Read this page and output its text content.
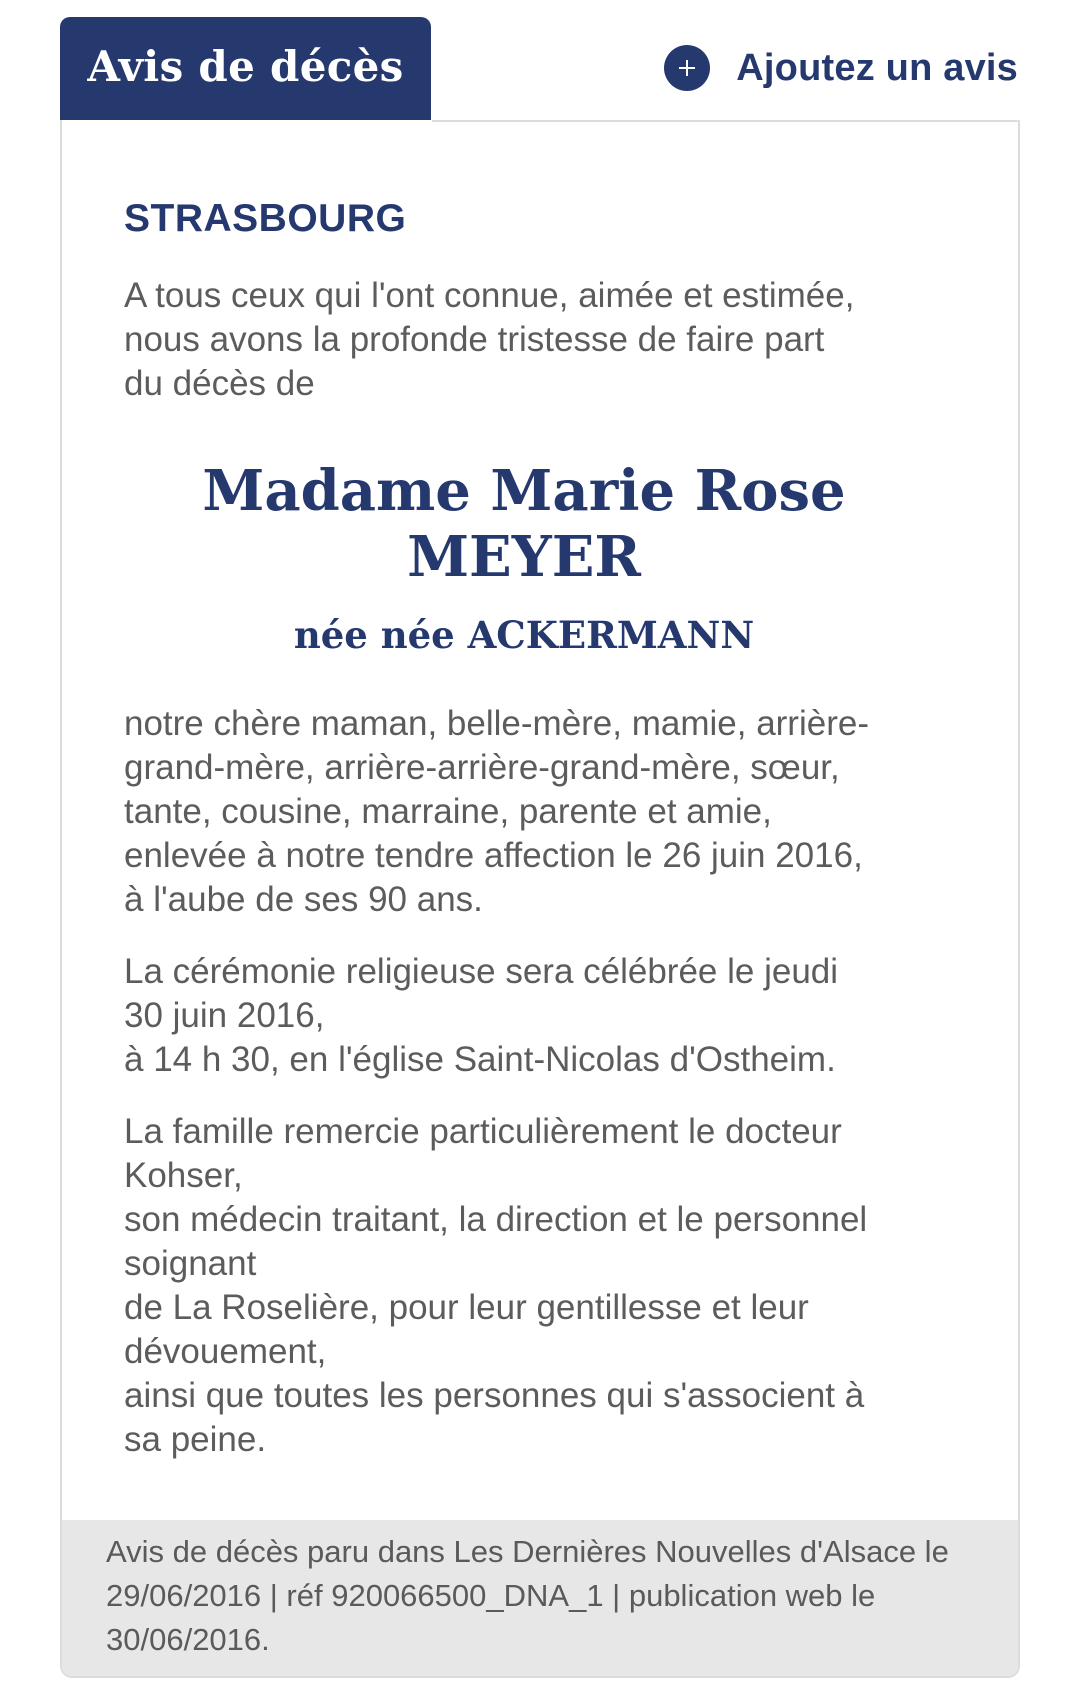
Avis de décès	Ajoutez un avis
STRASBOURG

A tous ceux qui l'ont connue, aimée et estimée,
nous avons la profonde tristesse de faire part
du décès de

Madame Marie Rose
MEYER
née née ACKERMANN

notre chère maman, belle-mère, mamie, arrière-
grand-mère, arrière-arrière-grand-mère, sœur,
tante, cousine, marraine, parente et amie,
enlevée à notre tendre affection le 26 juin 2016,
à l'aube de ses 90 ans.

La cérémonie religieuse sera célébrée le jeudi
30 juin 2016,
à 14 h 30, en l'église Saint-Nicolas d'Ostheim.

La famille remercie particulièrement le docteur
Kohser,
son médecin traitant, la direction et le personnel
soignant
de La Roselière, pour leur gentillesse et leur
dévouement,
ainsi que toutes les personnes qui s'associent à
sa peine.

Avis de décès paru dans Les Dernières Nouvelles d'Alsace le 29/06/2016 | réf 920066500_DNA_1 | publication web le 30/06/2016.
